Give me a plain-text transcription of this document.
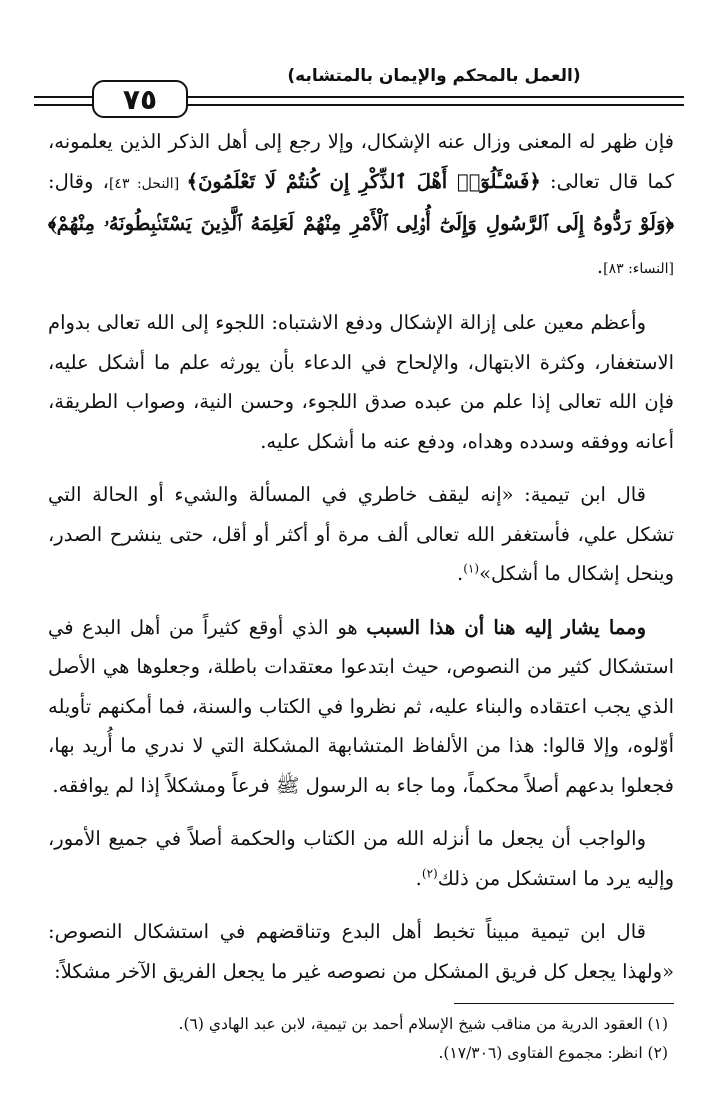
٧٥
(العمل بالمحكم والإيمان بالمتشابه)

فإن ظهر له المعنى وزال عنه الإشكال، وإلا رجع إلى أهل الذكر الذين يعلمونه، كما قال تعالى: ﴿فَسْـَٔلُوٓا۟ أَهْلَ ٱلذِّكْرِ إِن كُنتُمْ لَا تَعْلَمُونَ﴾ [النحل: ٤٣]، وقال: ﴿وَلَوْ رَدُّوهُ إِلَى ٱلرَّسُولِ وَإِلَىٰٓ أُو۟لِى ٱلْأَمْرِ مِنْهُمْ لَعَلِمَهُ ٱلَّذِينَ يَسْتَنۢبِطُونَهُۥ مِنْهُمْ﴾ [النساء: ٨٣].

وأعظم معين على إزالة الإشكال ودفع الاشتباه: اللجوء إلى الله تعالى بدوام الاستغفار، وكثرة الابتهال، والإلحاح في الدعاء بأن يورثه علم ما أشكل عليه، فإن الله تعالى إذا علم من عبده صدق اللجوء، وحسن النية، وصواب الطريقة، أعانه ووفقه وسدده وهداه، ودفع عنه ما أشكل عليه.

قال ابن تيمية: «إنه ليقف خاطري في المسألة والشيء أو الحالة التي تشكل علي، فأستغفر الله تعالى ألف مرة أو أكثر أو أقل، حتى ينشرح الصدر، وينحل إشكال ما أشكل»$^{(١)}$.

ومما يشار إليه هنا أن هذا السبب هو الذي أوقع كثيراً من أهل البدع في استشكال كثير من النصوص، حيث ابتدعوا معتقدات باطلة، وجعلوها هي الأصل الذي يجب اعتقاده والبناء عليه، ثم نظروا في الكتاب والسنة، فما أمكنهم تأويله أوّلوه، وإلا قالوا: هذا من الألفاظ المتشابهة المشكلة التي لا ندري ما أُريد بها، فجعلوا بدعهم أصلاً محكماً، وما جاء به الرسول ﷺ فرعاً ومشكلاً إذا لم يوافقه.

والواجب أن يجعل ما أنزله الله من الكتاب والحكمة أصلاً في جميع الأمور، وإليه يرد ما استشكل من ذلك$^{(٢)}$.

قال ابن تيمية مبيناً تخبط أهل البدع وتناقضهم في استشكال النصوص: «ولهذا يجعل كل فريق المشكل من نصوصه غير ما يجعل الفريق الآخر مشكلاً:

(١) العقود الدرية من مناقب شيخ الإسلام أحمد بن تيمية، لابن عبد الهادي (٦).

(٢) انظر: مجموع الفتاوى (١٧/٣٠٦).
